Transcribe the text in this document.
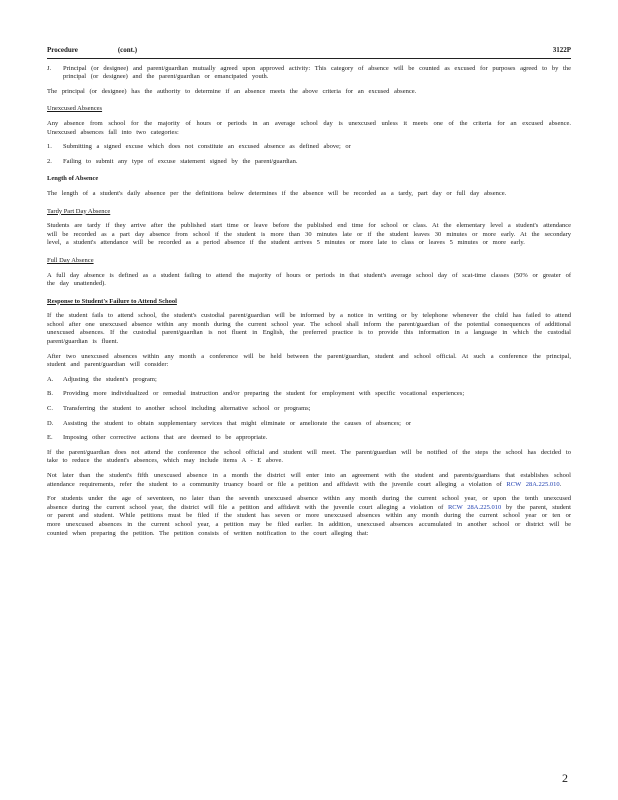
Procedure	(cont.)	3122P
J.	Principal (or designee) and parent/guardian mutually agreed upon approved activity: This category of absence will be counted as excused for purposes agreed to by the principal (or designee) and the parent/guardian or emancipated youth.
The principal (or designee) has the authority to determine if an absence meets the above criteria for an excused absence.
Unexcused Absences
Any absence from school for the majority of hours or periods in an average school day is unexcused unless it meets one of the criteria for an excused absence. Unexcused absences fall into two categories:
1.	Submitting a signed excuse which does not constitute an excused absence as defined above; or
2.	Failing to submit any type of excuse statement signed by the parent/guardian.
Length of Absence
The length of a student's daily absence per the definitions below determines if the absence will be recorded as a tardy, part day or full day absence.
Tardy Part Day Absence
Students are tardy if they arrive after the published start time or leave before the published end time for school or class. At the elementary level a student's attendance will be recorded as a part day absence from school if the student is more than 30 minutes late or if the student leaves 30 minutes or more early. At the secondary level, a student's attendance will be recorded as a period absence if the student arrives 5 minutes or more late to class or leaves 5 minutes or more early.
Full Day Absence
A full day absence is defined as a student failing to attend the majority of hours or periods in that student's average school day of scat-time classes (50% or greater of the day unattended).
Response to Student's Failure to Attend School
If the student fails to attend school, the student's custodial parent/guardian will be informed by a notice in writing or by telephone whenever the child has failed to attend school after one unexcused absence within any month during the current school year. The school shall inform the parent/guardian of the potential consequences of additional unexcused absences. If the custodial parent/guardian is not fluent in English, the preferred practice is to provide this information in a language in which the custodial parent/guardian is fluent.
After two unexcused absences within any month a conference will be held between the parent/guardian, student and school official. At such a conference the principal, student and parent/guardian will consider:
A.	Adjusting the student's program;
B.	Providing more individualized or remedial instruction and/or preparing the student for employment with specific vocational experiences;
C.	Transferring the student to another school including alternative school or programs;
D.	Assisting the student to obtain supplementary services that might eliminate or ameliorate the causes of absences; or
E.	Imposing other corrective actions that are deemed to be appropriate.
If the parent/guardian does not attend the conference the school official and student will meet. The parent/guardian will be notified of the steps the school has decided to take to reduce the student's absences, which may include items A - E above.
Not later than the student's fifth unexcused absence in a month the district will enter into an agreement with the student and parents/guardians that establishes school attendance requirements, refer the student to a community truancy board or file a petition and affidavit with the juvenile court alleging a violation of RCW 28A.225.010.
For students under the age of seventeen, no later than the seventh unexcused absence within any month during the current school year, or upon the tenth unexcused absence during the current school year, the district will file a petition and affidavit with the juvenile court alleging a violation of RCW 28A.225.010 by the parent, student or parent and student. While petitions must be filed if the student has seven or more unexcused absences within any month during the current school year or ten or more unexcused absences in the current school year, a petition may be filed earlier. In addition, unexcused absences accumulated in another school or district will be counted when preparing the petition. The petition consists of written notification to the court alleging that:
2
